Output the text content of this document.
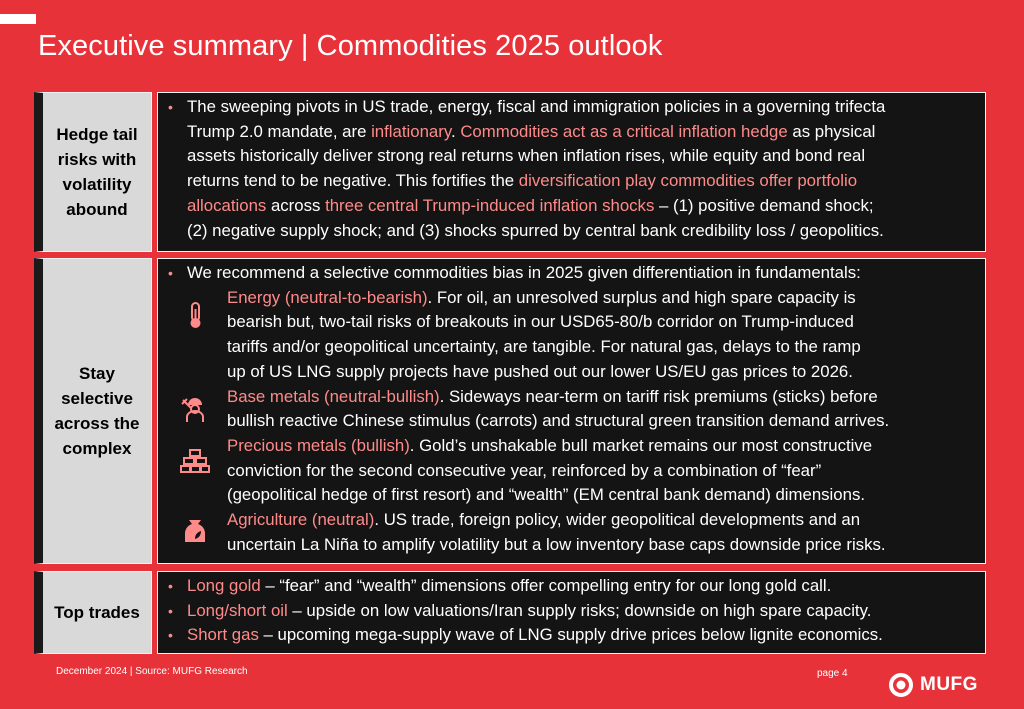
Executive summary | Commodities 2025 outlook
Hedge tail risks with volatility abound
• The sweeping pivots in US trade, energy, fiscal and immigration policies in a governing trifecta
Trump 2.0 mandate, are inflationary. Commodities act as a critical inflation hedge as physical
assets historically deliver strong real returns when inflation rises, while equity and bond real
returns tend to be negative. This fortifies the diversification play commodities offer portfolio
allocations across three central Trump-induced inflation shocks – (1) positive demand shock;
(2) negative supply shock; and (3) shocks spurred by central bank credibility loss / geopolitics.
Stay selective across the complex
• We recommend a selective commodities bias in 2025 given differentiation in fundamentals:
Energy (neutral-to-bearish). For oil, an unresolved surplus and high spare capacity is
bearish but, two-tail risks of breakouts in our USD65-80/b corridor on Trump-induced
tariffs and/or geopolitical uncertainty, are tangible. For natural gas, delays to the ramp
up of US LNG supply projects have pushed out our lower US/EU gas prices to 2026.
Base metals (neutral-bullish). Sideways near-term on tariff risk premiums (sticks) before
bullish reactive Chinese stimulus (carrots) and structural green transition demand arrives.
Precious metals (bullish). Gold’s unshakable bull market remains our most constructive
conviction for the second consecutive year, reinforced by a combination of “fear”
(geopolitical hedge of first resort) and “wealth” (EM central bank demand) dimensions.
Agriculture (neutral). US trade, foreign policy, wider geopolitical developments and an
uncertain La Niña to amplify volatility but a low inventory base caps downside price risks.
Top trades
• Long gold – “fear” and “wealth” dimensions offer compelling entry for our long gold call.
• Long/short oil – upside on low valuations/Iran supply risks; downside on high spare capacity.
• Short gas – upcoming mega-supply wave of LNG supply drive prices below lignite economics.
December 2024 | Source: MUFG Research	page 4
MUFG
